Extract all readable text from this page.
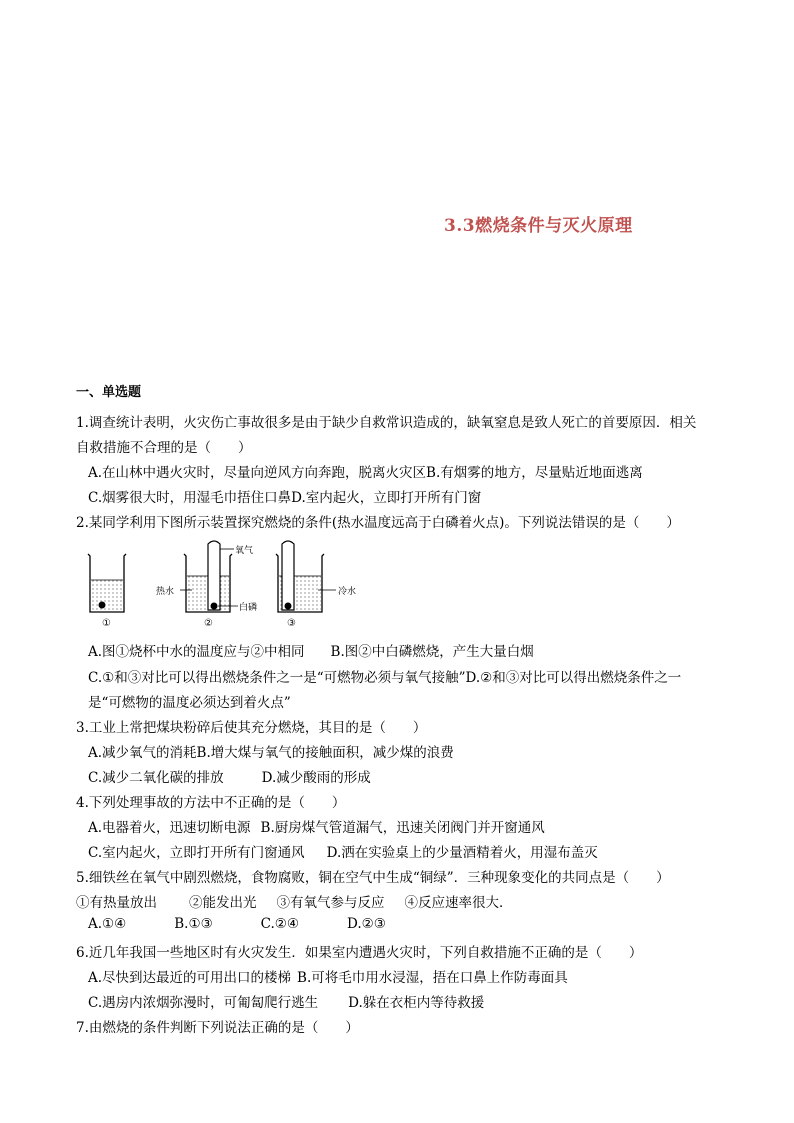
3.3燃烧条件与灭火原理
一、单选题
1.调查统计表明，火灾伤亡事故很多是由于缺少自救常识造成的，缺氧窒息是致人死亡的首要原因．相关
自救措施不合理的是（　　）
A.在山林中遇火灾时，尽量向逆风方向奔跑，脱离火灾区B.有烟雾的地方，尽量贴近地面逃离
C.烟雾很大时，用湿毛巾捂住口鼻D.室内起火，立即打开所有门窗
2.某同学利用下图所示装置探究燃烧的条件(热水温度远高于白磷着火点)。下列说法错误的是（　　）
①	②	③
氧气
热水
白磷
冷水
A.图①烧杯中水的温度应与②中相同 B.图②中白磷燃烧，产生大量白烟
C.①和③对比可以得出燃烧条件之一是“可燃物必须与氧气接触”D.②和③对比可以得出燃烧条件之一
是“可燃物的温度必须达到着火点”
3.工业上常把煤块粉碎后使其充分燃烧，其目的是（　　）
A.减少氧气的消耗B.增大煤与氧气的接触面积，减少煤的浪费
C.减少二氧化碳的排放	D.减少酸雨的形成
4.下列处理事故的方法中不正确的是（　　）
A.电器着火，迅速切断电源 B.厨房煤气管道漏气，迅速关闭阀门并开窗通风
C.室内起火，立即打开所有门窗通风 D.洒在实验桌上的少量酒精着火，用湿布盖灭
5.细铁丝在氧气中剧烈燃烧，食物腐败，铜在空气中生成“铜绿”．三种现象变化的共同点是（　　）
①有热量放出 ②能发出光 ③有氧气参与反应 ④反应速率很大．
A.①④	B.①③	C.②④	D.②③
6.近几年我国一些地区时有火灾发生．如果室内遭遇火灾时，下列自救措施不正确的是（　　）
A.尽快到达最近的可用出口的楼梯 B.可将毛巾用水浸湿，捂在口鼻上作防毒面具
C.遇房内浓烟弥漫时，可匍匐爬行逃生 D.躲在衣柜内等待救援
7.由燃烧的条件判断下列说法正确的是（　　）
